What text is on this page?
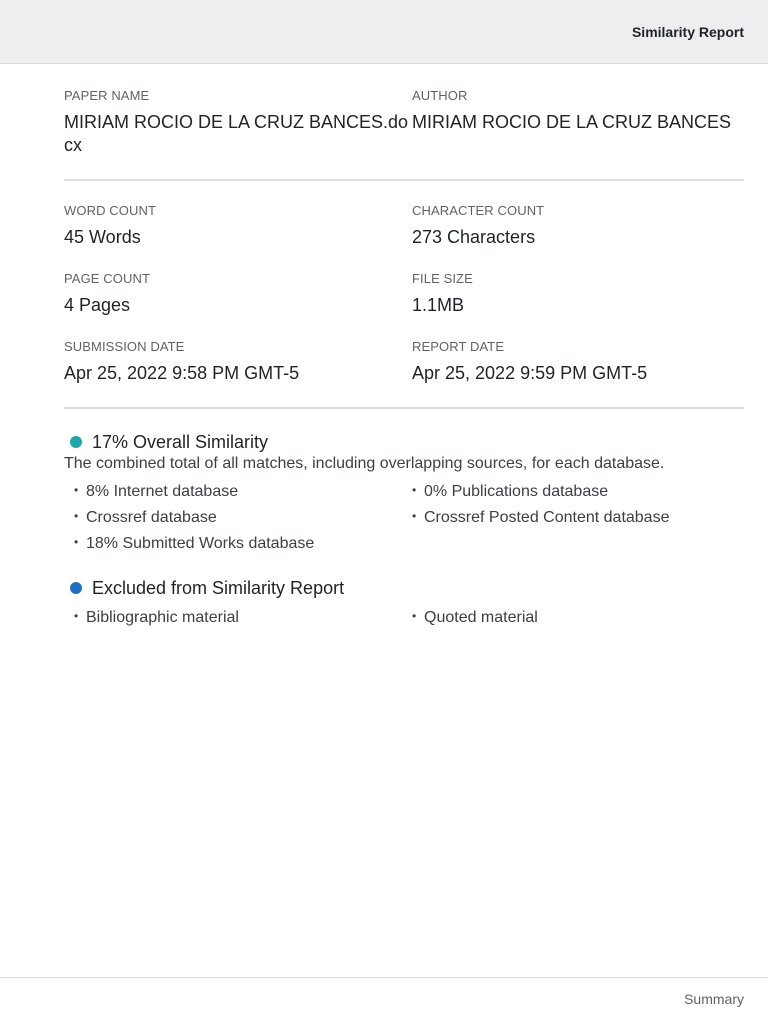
Similarity Report
PAPER NAME
MIRIAM ROCIO DE LA CRUZ BANCES.do
cx
AUTHOR
MIRIAM ROCIO DE LA CRUZ BANCES
WORD COUNT
45 Words
CHARACTER COUNT
273 Characters
PAGE COUNT
4 Pages
FILE SIZE
1.1MB
SUBMISSION DATE
Apr 25, 2022 9:58 PM GMT-5
REPORT DATE
Apr 25, 2022 9:59 PM GMT-5
17% Overall Similarity
The combined total of all matches, including overlapping sources, for each database.
• 8% Internet database	• 0% Publications database
• Crossref database	• Crossref Posted Content database
• 18% Submitted Works database
Excluded from Similarity Report
• Bibliographic material	• Quoted material
Summary
